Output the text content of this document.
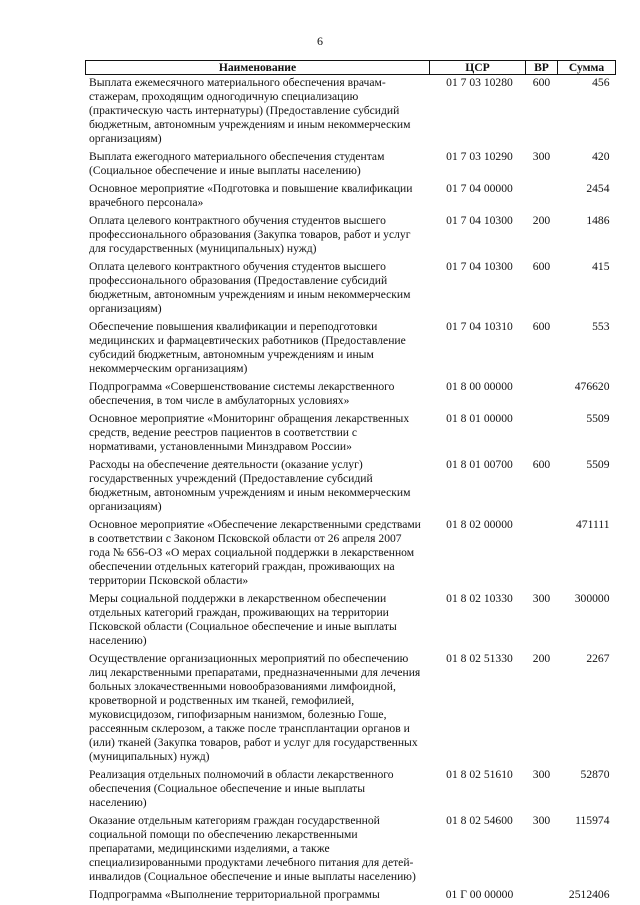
6
Наименование	ЦСР	ВР	Сумма
Выплата ежемесячного материального обеспечения врачам-стажерам, проходящим одногодичную специализацию (практическую часть интернатуры) (Предоставление субсидий бюджетным, автономным учреждениям и иным некоммерческим организациям)	01 7 03 10280	600	456
Выплата ежегодного материального обеспечения студентам (Социальное обеспечение и иные выплаты населению)	01 7 03 10290	300	420
Основное мероприятие «Подготовка и повышение квалификации врачебного персонала»	01 7 04 00000		2454
Оплата целевого контрактного обучения студентов высшего профессионального образования (Закупка товаров, работ и услуг для государственных (муниципальных) нужд)	01 7 04 10300	200	1486
Оплата целевого контрактного обучения студентов высшего профессионального образования (Предоставление субсидий бюджетным, автономным учреждениям и иным некоммерческим организациям)	01 7 04 10300	600	415
Обеспечение повышения квалификации и переподготовки медицинских и фармацевтических работников (Предоставление субсидий бюджетным, автономным учреждениям и иным некоммерческим организациям)	01 7 04 10310	600	553
Подпрограмма «Совершенствование системы лекарственного обеспечения, в том числе в амбулаторных условиях»	01 8 00 00000		476620
Основное мероприятие «Мониторинг обращения лекарственных средств, ведение реестров пациентов в соответствии с нормативами, установленными Минздравом России»	01 8 01 00000		5509
Расходы на обеспечение деятельности (оказание услуг) государственных учреждений (Предоставление субсидий бюджетным, автономным учреждениям и иным некоммерческим организациям)	01 8 01 00700	600	5509
Основное мероприятие «Обеспечение лекарственными средствами в соответствии с Законом Псковской области от 26 апреля 2007 года № 656-ОЗ «О мерах социальной поддержки в лекарственном обеспечении отдельных категорий граждан, проживающих на территории Псковской области»	01 8 02 00000		471111
Меры социальной поддержки в лекарственном обеспечении отдельных категорий граждан, проживающих на территории Псковской области (Социальное обеспечение и иные выплаты населению)	01 8 02 10330	300	300000
Осуществление организационных мероприятий по обеспечению лиц лекарственными препаратами, предназначенными для лечения больных злокачественными новообразованиями лимфоидной, кроветворной и родственных им тканей, гемофилией, муковисцидозом, гипофизарным нанизмом, болезнью Гоше, рассеянным склерозом, а также после трансплантации органов и (или) тканей (Закупка товаров, работ и услуг для государственных (муниципальных) нужд)	01 8 02 51330	200	2267
Реализация отдельных полномочий в области лекарственного обеспечения (Социальное обеспечение и иные выплаты населению)	01 8 02 51610	300	52870
Оказание отдельным категориям граждан государственной социальной помощи по обеспечению лекарственными препаратами, медицинскими изделиями, а также специализированными продуктами лечебного питания для детей-инвалидов (Социальное обеспечение и иные выплаты населению)	01 8 02 54600	300	115974
Подпрограмма «Выполнение территориальной программы	01 Г 00 00000		2512406
